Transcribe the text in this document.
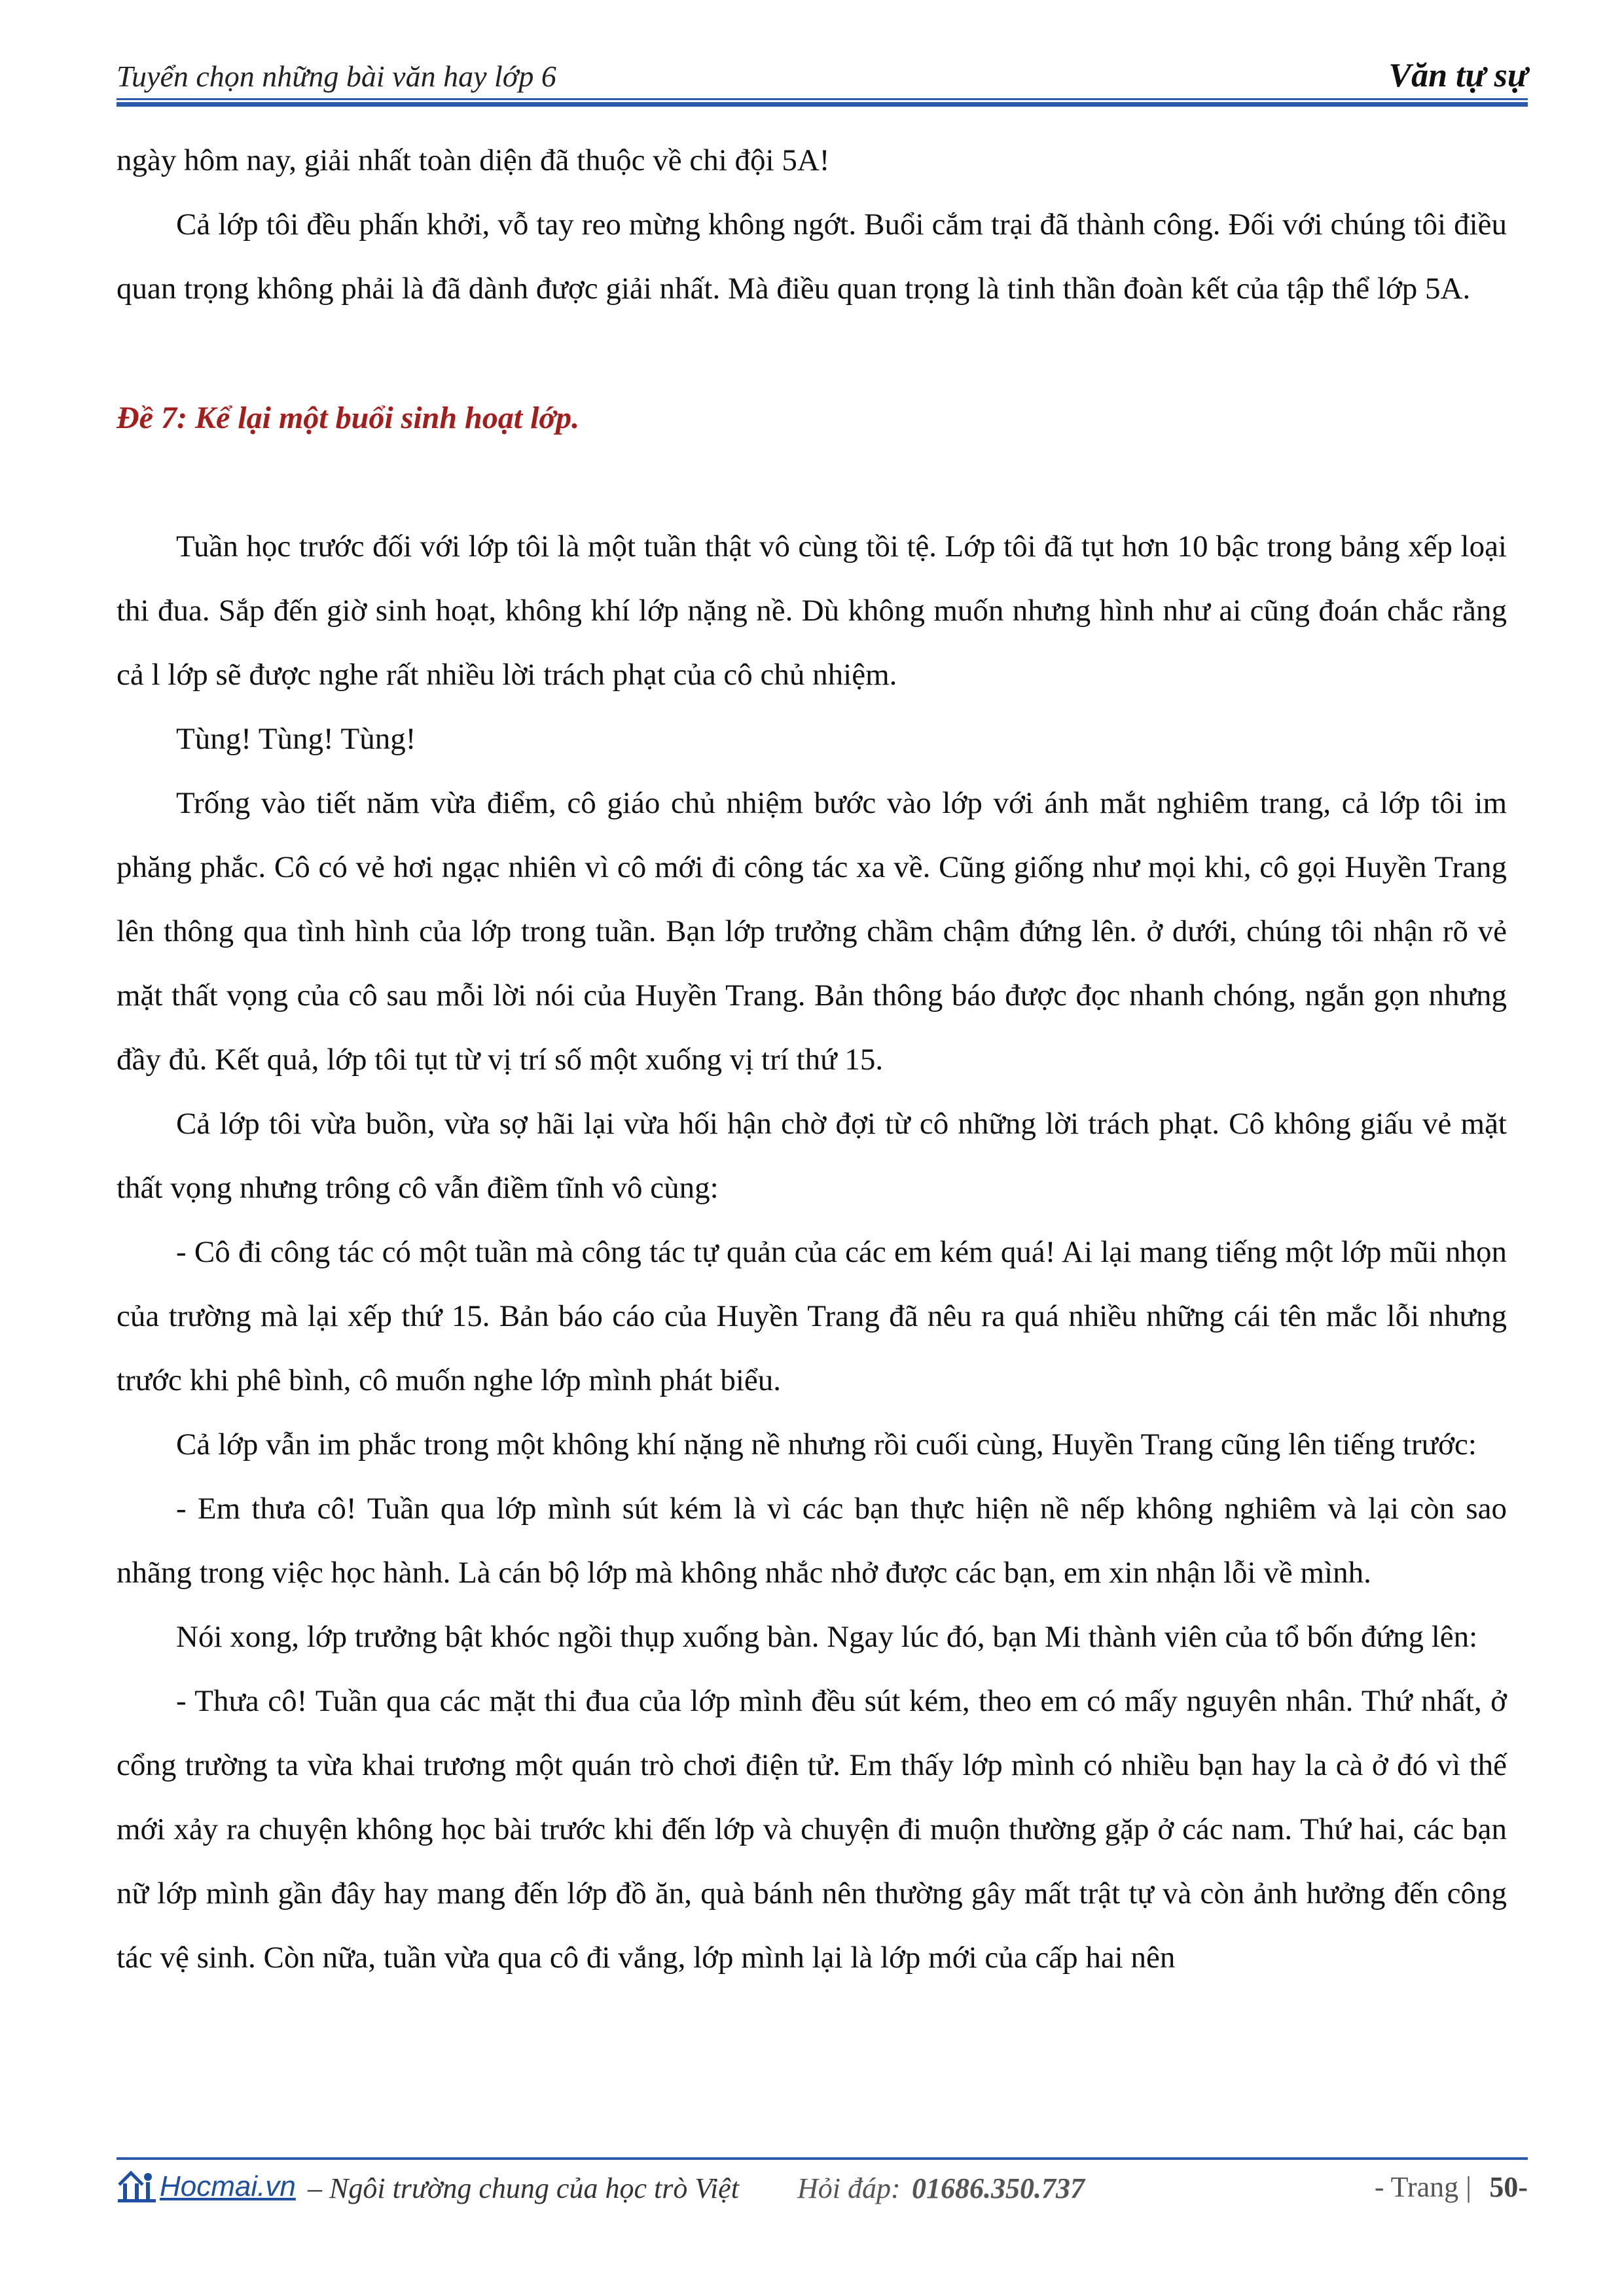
Tuyển chọn những bài văn hay lớp 6	Văn tự sự

ngày hôm nay, giải nhất toàn diện đã thuộc về chi đội 5A!

Cả lớp tôi đều phấn khởi, vỗ tay reo mừng không ngớt. Buổi cắm trại đã thành công. Đối với chúng tôi điều quan trọng không phải là đã dành được giải nhất. Mà điều quan trọng là tinh thần đoàn kết của tập thể lớp 5A.

Đề 7: Kể lại một buổi sinh hoạt lớp.

Tuần học trước đối với lớp tôi là một tuần thật vô cùng tồi tệ. Lớp tôi đã tụt hơn 10 bậc trong bảng xếp loại thi đua. Sắp đến giờ sinh hoạt, không khí lớp nặng nề. Dù không muốn nhưng hình như ai cũng đoán chắc rằng cả l lớp sẽ được nghe rất nhiều lời trách phạt của cô chủ nhiệm.

Tùng! Tùng! Tùng!

Trống vào tiết năm vừa điểm, cô giáo chủ nhiệm bước vào lớp với ánh mắt nghiêm trang, cả lớp tôi im phăng phắc. Cô có vẻ hơi ngạc nhiên vì cô mới đi công tác xa về. Cũng giống như mọi khi, cô gọi Huyền Trang lên thông qua tình hình của lớp trong tuần. Bạn lớp trưởng chầm chậm đứng lên. ở dưới, chúng tôi nhận rõ vẻ mặt thất vọng của cô sau mỗi lời nói của Huyền Trang. Bản thông báo được đọc nhanh chóng, ngắn gọn nhưng đầy đủ. Kết quả, lớp tôi tụt từ vị trí số một xuống vị trí thứ 15.

Cả lớp tôi vừa buồn, vừa sợ hãi lại vừa hối hận chờ đợi từ cô những lời trách phạt. Cô không giấu vẻ mặt thất vọng nhưng trông cô vẫn điềm tĩnh vô cùng:

- Cô đi công tác có một tuần mà công tác tự quản của các em kém quá! Ai lại mang tiếng một lớp mũi nhọn của trường mà lại xếp thứ 15. Bản báo cáo của Huyền Trang đã nêu ra quá nhiều những cái tên mắc lỗi nhưng trước khi phê bình, cô muốn nghe lớp mình phát biểu.

Cả lớp vẫn im phắc trong một không khí nặng nề nhưng rồi cuối cùng, Huyền Trang cũng lên tiếng trước:

- Em thưa cô! Tuần qua lớp mình sút kém là vì các bạn thực hiện nề nếp không nghiêm và lại còn sao nhãng trong việc học hành. Là cán bộ lớp mà không nhắc nhở được các bạn, em xin nhận lỗi về mình.

Nói xong, lớp trưởng bật khóc ngồi thụp xuống bàn. Ngay lúc đó, bạn Mi thành viên của tổ bốn đứng lên:

- Thưa cô! Tuần qua các mặt thi đua của lớp mình đều sút kém, theo em có mấy nguyên nhân. Thứ nhất, ở cổng trường ta vừa khai trương một quán trò chơi điện tử. Em thấy lớp mình có nhiều bạn hay la cà ở đó vì thế mới xảy ra chuyện không học bài trước khi đến lớp và chuyện đi muộn thường gặp ở các nam. Thứ hai, các bạn nữ lớp mình gần đây hay mang đến lớp đồ ăn, quà bánh nên thường gây mất trật tự và còn ảnh hưởng đến công tác vệ sinh. Còn nữa, tuần vừa qua cô đi vắng, lớp mình lại là lớp mới của cấp hai nên

Hocmai.vn – Ngôi trường chung của học trò Việt Hỏi đáp: 01686.350.737	- Trang | 50-
